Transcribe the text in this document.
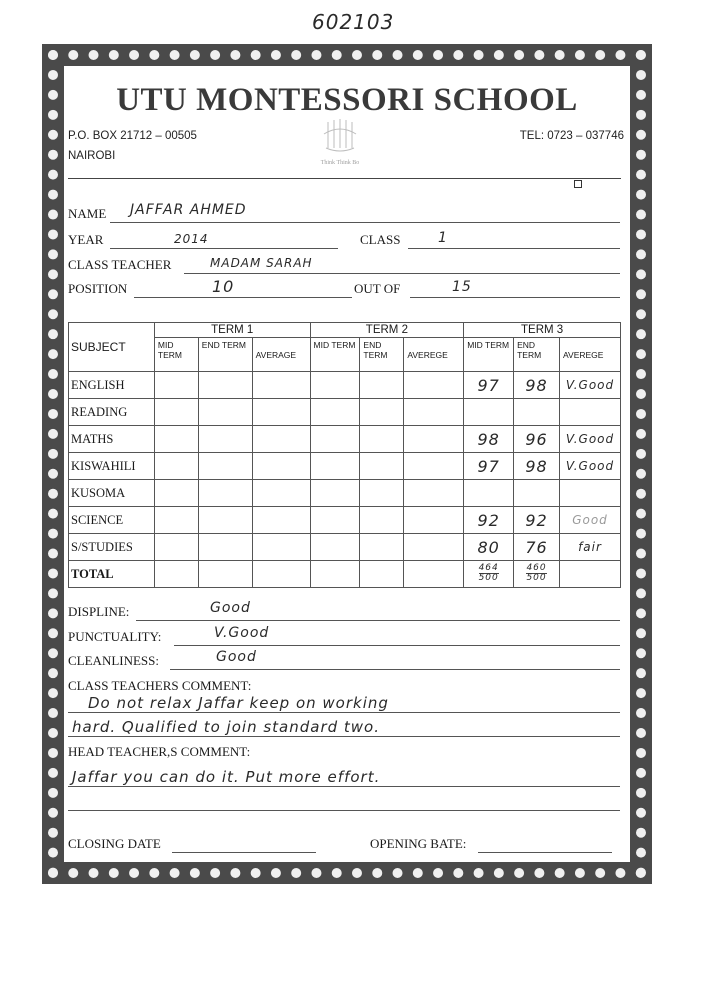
602103
UTU MONTESSORI SCHOOL
P.O. BOX 21712 – 00505
NAIROBI
TEL: 0723 – 037746
Think Think Bo
NAME JAFFAR AHMED
YEAR	2014	CLASS	1
CLASS TEACHER	MADAM SARAH
POSITION	10	OUT OF	15
SUBJECT	TERM 1			TERM 2			TERM 3		
	MID TERM	END TERM	AVERAGE	MID TERM	END TERM	AVEREGE	MID TERM	END TERM	AVEREGE
ENGLISH							97	98	V.Good
READING									
MATHS							98	96	V.Good
KISWAHILI							97	98	V.Good
KUSOMA									
SCIENCE							92	92	Good
S/STUDIES							80	76	fair
TOTAL							$\frac{464}{500}$	$\frac{460}{500}$

DISPLINE:	Good
PUNCTUALITY:	V.Good
CLEANLINESS:	Good
CLASS TEACHERS COMMENT:
Do not relax Jaffar keep on working
hard. Qualified to join standard two.
HEAD TEACHER,S COMMENT:
Jaffar you can do it. Put more effort.
CLOSING DATE	OPENING BATE:
